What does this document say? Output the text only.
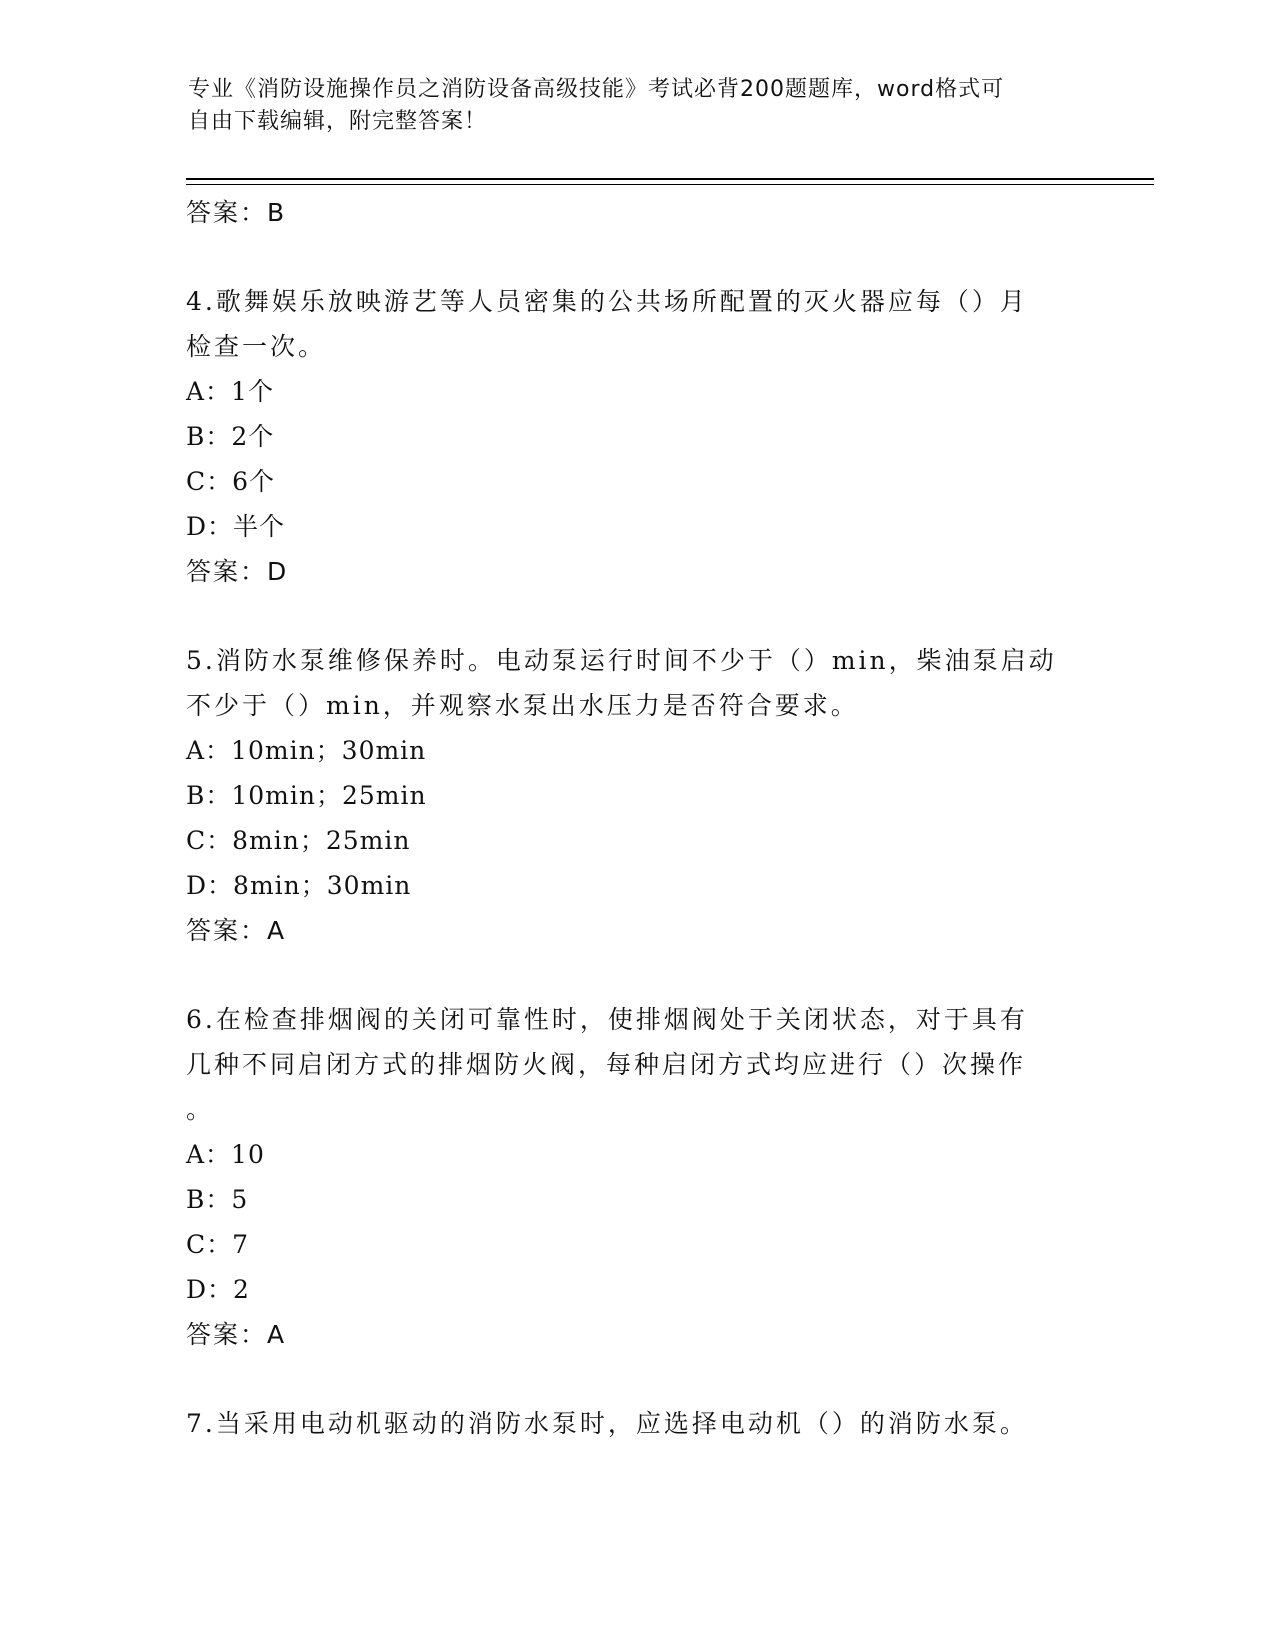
专业《消防设施操作员之消防设备高级技能》考试必背200题题库，word格式可
自由下载编辑，附完整答案！

答案：B

4.歌舞娱乐放映游艺等人员密集的公共场所配置的灭火器应每（）月

检查一次。

A：1个

B：2个

C：6个

D：半个

答案：D

5.消防水泵维修保养时。电动泵运行时间不少于（）min，柴油泵启动

不少于（）min，并观察水泵出水压力是否符合要求。

A：10min；30min

B：10min；25min

C：8min；25min

D：8min；30min

答案：A

6.在检查排烟阀的关闭可靠性时，使排烟阀处于关闭状态，对于具有

几种不同启闭方式的排烟防火阀，每种启闭方式均应进行（）次操作

。

A：10

B：5

C：7

D：2

答案：A

7.当采用电动机驱动的消防水泵时，应选择电动机（）的消防水泵。
